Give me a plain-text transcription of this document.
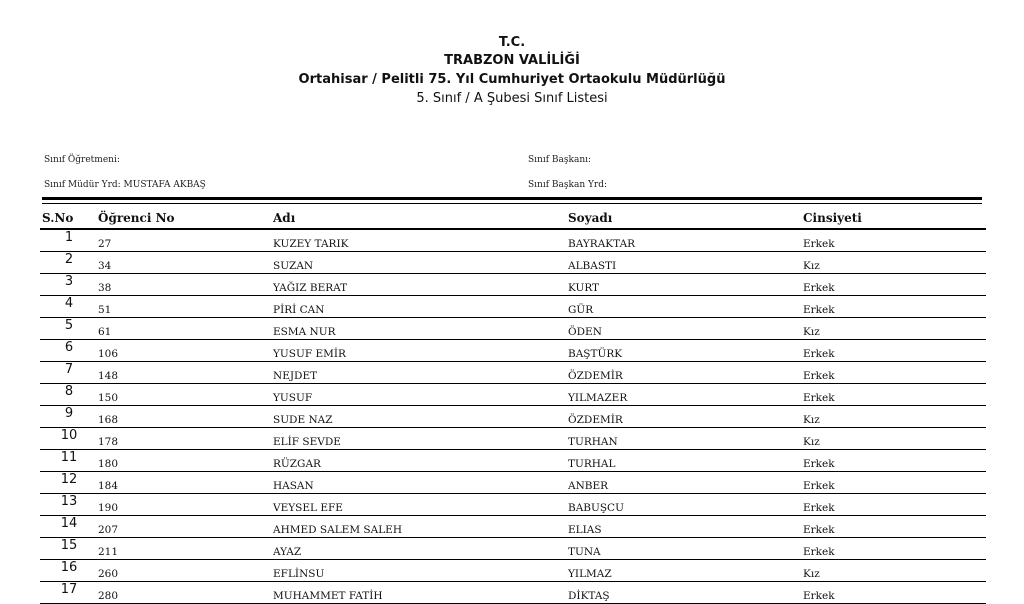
T.C.
TRABZON VALİLİĞİ
Ortahisar / Pelitli 75. Yıl Cumhuriyet Ortaokulu Müdürlüğü
5. Sınıf / A Şubesi Sınıf Listesi
Sınıf Öğretmeni:
Sınıf Müdür Yrd: MUSTAFA AKBAŞ
Sınıf Başkanı:
Sınıf Başkan Yrd:
S.No	Öğrenci No	Adı	Soyadı	Cinsiyeti
1	27	KUZEY TARIK	BAYRAKTAR	Erkek
2	34	SUZAN	ALBASTI	Kız
3	38	YAĞIZ BERAT	KURT	Erkek
4	51	PİRİ CAN	GÜR	Erkek
5	61	ESMA NUR	ÖDEN	Kız
6	106	YUSUF EMİR	BAŞTÜRK	Erkek
7	148	NEJDET	ÖZDEMİR	Erkek
8	150	YUSUF	YILMAZER	Erkek
9	168	SUDE NAZ	ÖZDEMİR	Kız
10	178	ELİF SEVDE	TURHAN	Kız
11	180	RÜZGAR	TURHAL	Erkek
12	184	HASAN	ANBER	Erkek
13	190	VEYSEL EFE	BABUŞCU	Erkek
14	207	AHMED SALEM SALEH	ELIAS	Erkek
15	211	AYAZ	TUNA	Erkek
16	260	EFLİNSU	YILMAZ	Kız
17	280	MUHAMMET FATİH	DİKTAŞ	Erkek
